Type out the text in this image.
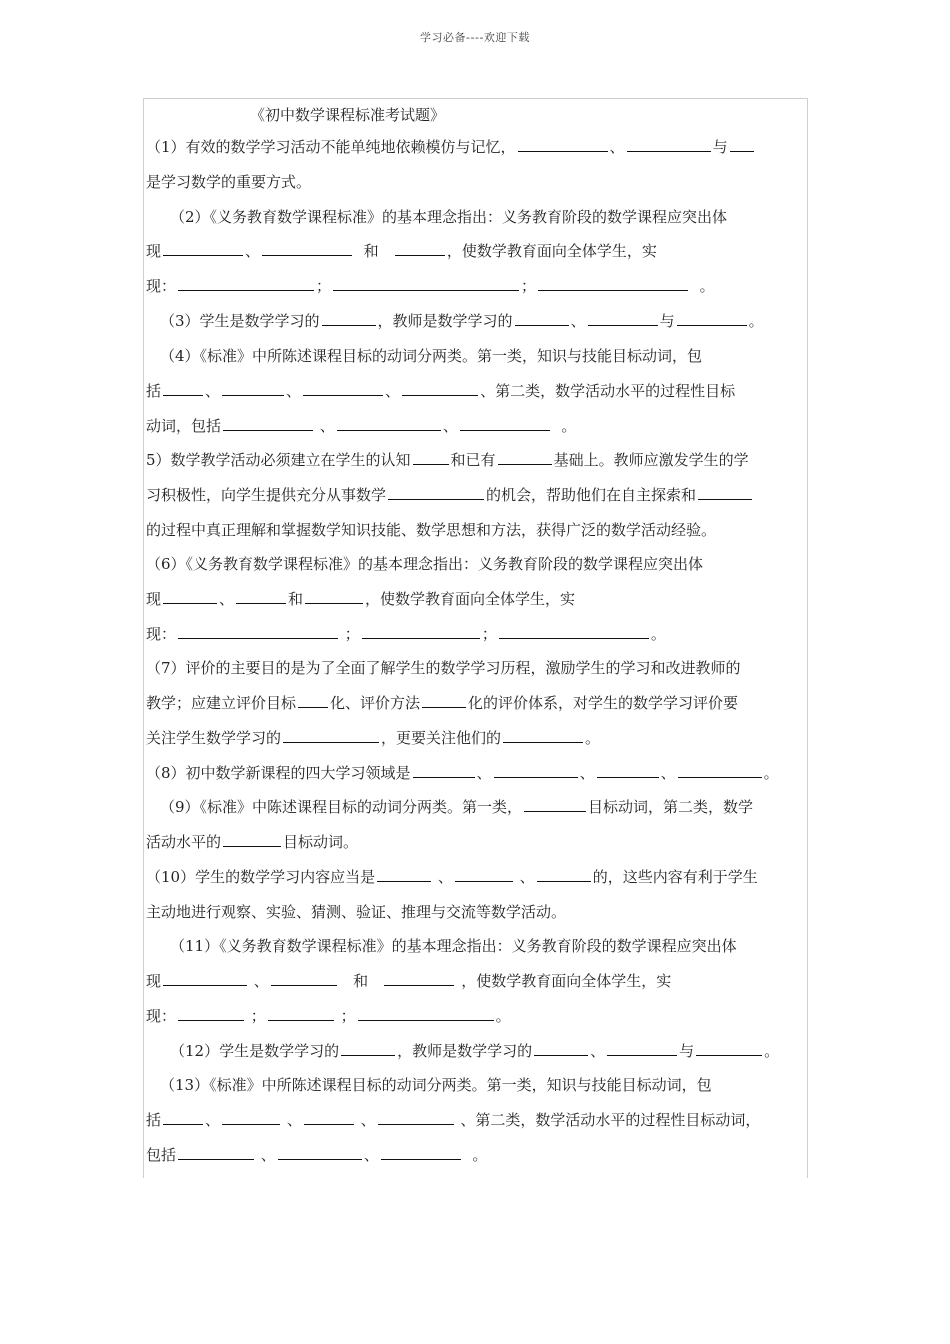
学习必备----欢迎下载
《初中数学课程标准考试题》
（1）有效的数学学习活动不能单纯地依赖模仿与记忆，	、	与
是学习数学的重要方式。
（2）《义务教育数学课程标准》的基本理念指出：义务教育阶段的数学课程应突出体
现	、	和	，使数学教育面向全体学生，实
现：	；	；	。
（3）学生是数学学习的	，教师是数学学习的	、	与	。
（4）《标准》中所陈述课程目标的动词分两类。第一类，知识与技能目标动词，包
括	、	、	、	、第二类，数学活动水平的过程性目标
动词，包括	、	、	。
5）数学教学活动必须建立在学生的认知	和已有	基础上。教师应激发学生的学
习积极性，向学生提供充分从事数学	的机会，帮助他们在自主探索和
的过程中真正理解和掌握数学知识技能、数学思想和方法，获得广泛的数学活动经验。
（6）《义务教育数学课程标准》的基本理念指出：义务教育阶段的数学课程应突出体
现	、	和	，使数学教育面向全体学生，实
现：	；	；	。
（7）评价的主要目的是为了全面了解学生的数学学习历程，激励学生的学习和改进教师的
教学；应建立评价目标 化、评价方法	化的评价体系，对学生的数学学习评价要
关注学生数学学习的	，更要关注他们的	。
（8）初中数学新课程的四大学习领域是	、	、	、	。
（9）《标准》中陈述课程目标的动词分两类。第一类，	目标动词，第二类，数学
活动水平的	目标动词。
（10）学生的数学学习内容应当是	、	、	的，这些内容有利于学生
主动地进行观察、实验、猜测、验证、推理与交流等数学活动。
（11）《义务教育数学课程标准》的基本理念指出：义务教育阶段的数学课程应突出体
现	、	和	，使数学教育面向全体学生，实
现：	；	；	。
（12）学生是数学学习的	，教师是数学学习的	、	与	。
（13）《标准》中所陈述课程目标的动词分两类。第一类，知识与技能目标动词，包
括	、	、	、	、第二类，数学活动水平的过程性目标动词，
包括	、	、	。
